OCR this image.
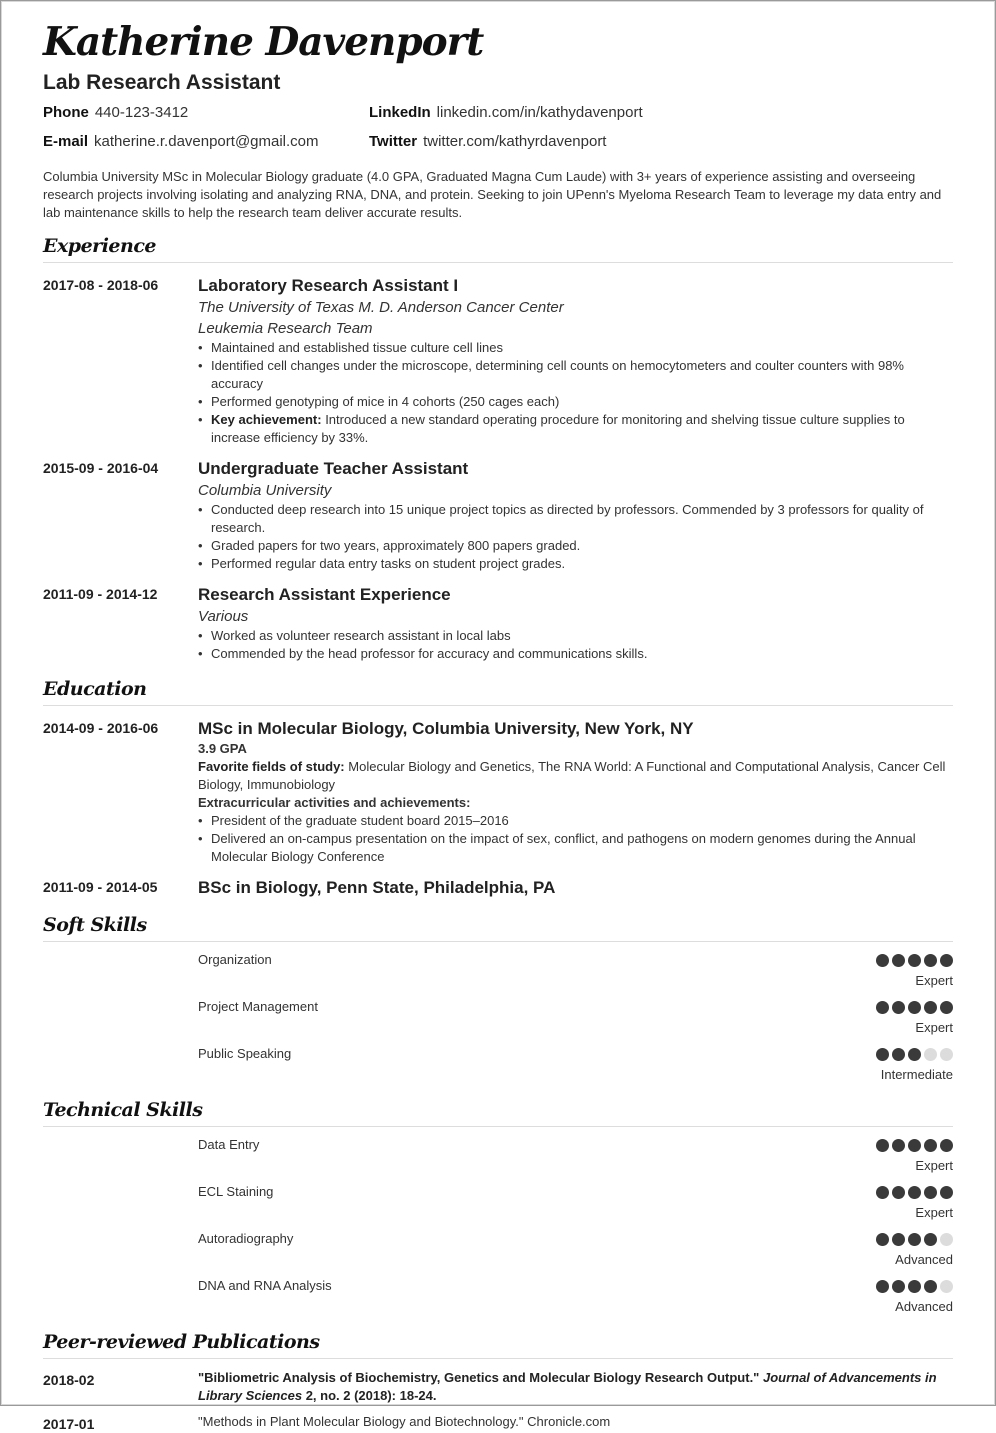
Katherine Davenport
Lab Research Assistant
Phone 440-123-3412	LinkedIn linkedin.com/in/kathydavenport
E-mail katherine.r.davenport@gmail.com	Twitter twitter.com/kathyrdavenport
Columbia University MSc in Molecular Biology graduate (4.0 GPA, Graduated Magna Cum Laude) with 3+ years of experience assisting and overseeing research projects involving isolating and analyzing RNA, DNA, and protein. Seeking to join UPenn's Myeloma Research Team to leverage my data entry and lab maintenance skills to help the research team deliver accurate results.
Experience
2017-08 - 2018-06 Laboratory Research Assistant I
The University of Texas M. D. Anderson Cancer Center
Leukemia Research Team
• Maintained and established tissue culture cell lines
• Identified cell changes under the microscope, determining cell counts on hemocytometers and coulter counters with 98% accuracy
• Performed genotyping of mice in 4 cohorts (250 cages each)
• Key achievement: Introduced a new standard operating procedure for monitoring and shelving tissue culture supplies to increase efficiency by 33%.
2015-09 - 2016-04 Undergraduate Teacher Assistant
Columbia University
• Conducted deep research into 15 unique project topics as directed by professors. Commended by 3 professors for quality of research.
• Graded papers for two years, approximately 800 papers graded.
• Performed regular data entry tasks on student project grades.
2011-09 - 2014-12 Research Assistant Experience
Various
• Worked as volunteer research assistant in local labs
• Commended by the head professor for accuracy and communications skills.
Education
2014-09 - 2016-06 MSc in Molecular Biology, Columbia University, New York, NY
3.9 GPA
Favorite fields of study: Molecular Biology and Genetics, The RNA World: A Functional and Computational Analysis, Cancer Cell Biology, Immunobiology
Extracurricular activities and achievements:
• President of the graduate student board 2015–2016
• Delivered an on-campus presentation on the impact of sex, conflict, and pathogens on modern genomes during the Annual Molecular Biology Conference
2011-09 - 2014-05 BSc in Biology, Penn State, Philadelphia, PA
Soft Skills
Organization
Expert
Project Management
Expert
Public Speaking
Intermediate
Technical Skills
Data Entry
Expert
ECL Staining
Expert
Autoradiography
Advanced
DNA and RNA Analysis
Advanced
Peer-reviewed Publications
2018-02	"Bibliometric Analysis of Biochemistry, Genetics and Molecular Biology Research Output." Journal of Advancements in Library Sciences 2, no. 2 (2018): 18-24.
2017-01	"Methods in Plant Molecular Biology and Biotechnology." Chronicle.com
